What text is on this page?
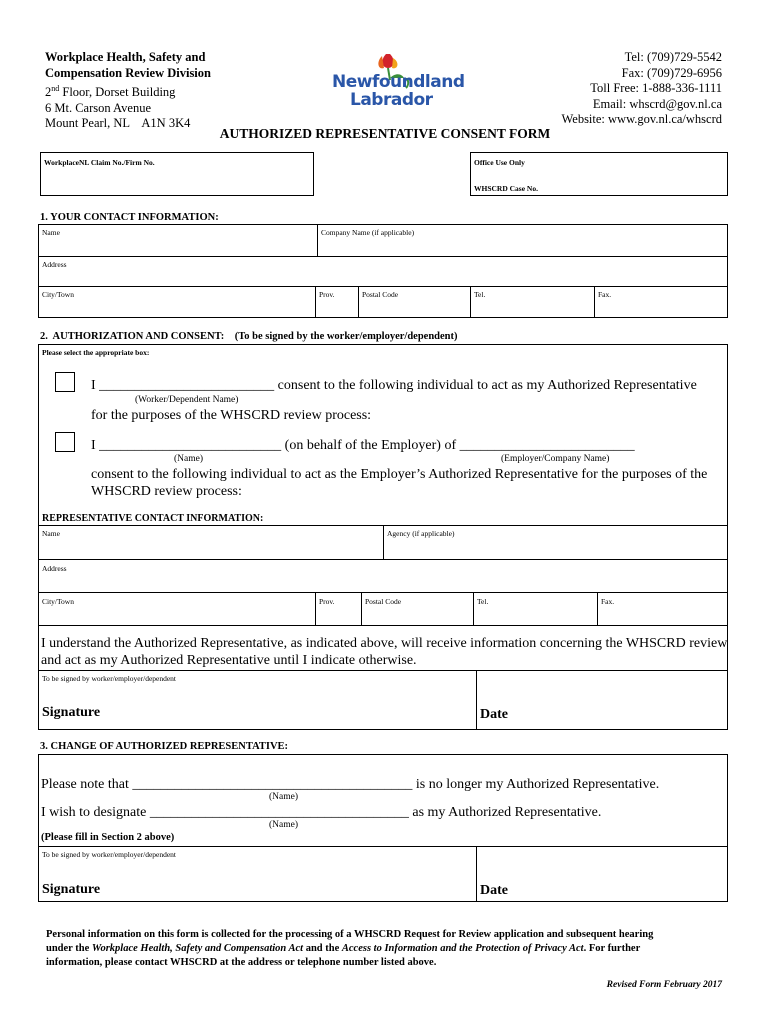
Workplace Health, Safety and
Compensation Review Division
2nd Floor, Dorset Building
6 Mt. Carson Avenue
Mount Pearl, NL    A1N 3K4
Newfoundland
Labrador
Tel: (709)729-5542
Fax: (709)729-6956
Toll Free: 1-888-336-1111
Email: whscrd@gov.nl.ca
Website: www.gov.nl.ca/whscrd
AUTHORIZED REPRESENTATIVE CONSENT FORM
WorkplaceNL Claim No./Firm No.	Office Use Only
WHSCRD Case No.
1. YOUR CONTACT INFORMATION:
Name	Company Name (if applicable)
Address
City/Town	Prov.	Postal Code	Tel.	Fax.
2.  AUTHORIZATION AND CONSENT:    (To be signed by the worker/employer/dependent)
Please select the appropriate box:
I _________________________ consent to the following individual to act as my Authorized Representative
(Worker/Dependent Name)
for the purposes of the WHSCRD review process:
I __________________________ (on behalf of the Employer) of _________________________
(Name)	(Employer/Company Name)
consent to the following individual to act as the Employer’s Authorized Representative for the purposes of the
WHSCRD review process:
REPRESENTATIVE CONTACT INFORMATION:
Name	Agency (if applicable)
Address
City/Town	Prov.	Postal Code	Tel.	Fax.
I understand the Authorized Representative, as indicated above, will receive information concerning the WHSCRD review
and act as my Authorized Representative until I indicate otherwise.
To be signed by worker/employer/dependent
Signature	Date
3. CHANGE OF AUTHORIZED REPRESENTATIVE:
Please note that ________________________________________ is no longer my Authorized Representative.
(Name)
I wish to designate _____________________________________ as my Authorized Representative.
(Name)
(Please fill in Section 2 above)
To be signed by worker/employer/dependent
Signature	Date
Personal information on this form is collected for the processing of a WHSCRD Request for Review application and subsequent hearing
under the Workplace Health, Safety and Compensation Act and the Access to Information and the Protection of Privacy Act. For further
information, please contact WHSCRD at the address or telephone number listed above.
Revised Form February 2017
